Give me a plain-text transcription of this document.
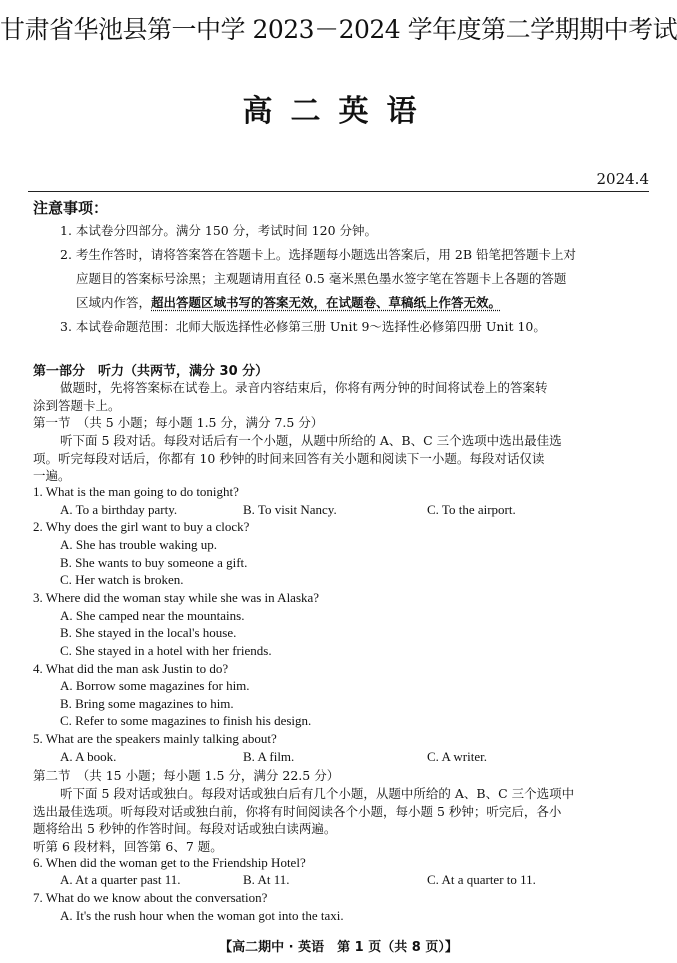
甘肃省华池县第一中学 2023－2024 学年度第二学期期中考试
高二英语
2024.4
注意事项：
1. 本试卷分四部分。满分 150 分，考试时间 120 分钟。
2. 考生作答时，请将答案答在答题卡上。选择题每小题选出答案后，用 2B 铅笔把答题卡上对
应题目的答案标号涂黑；主观题请用直径 0.5 毫米黑色墨水签字笔在答题卡上各题的答题
区域内作答，超出答题区域书写的答案无效，在试题卷、草稿纸上作答无效。
3. 本试卷命题范围：北师大版选择性必修第三册 Unit 9～选择性必修第四册 Unit 10。
第一部分　听力（共两节，满分 30 分）
做题时，先将答案标在试卷上。录音内容结束后，你将有两分钟的时间将试卷上的答案转
涂到答题卡上。
第一节　（共 5 小题；每小题 1.5 分，满分 7.5 分）
听下面 5 段对话。每段对话后有一个小题，从题中所给的 A、B、C 三个选项中选出最佳选
项。听完每段对话后，你都有 10 秒钟的时间来回答有关小题和阅读下一小题。每段对话仅读
一遍。
1. What is the man going to do tonight?
A. To a birthday party.	B. To visit Nancy.	C. To the airport.
2. Why does the girl want to buy a clock?
A. She has trouble waking up.
B. She wants to buy someone a gift.
C. Her watch is broken.
3. Where did the woman stay while she was in Alaska?
A. She camped near the mountains.
B. She stayed in the local's house.
C. She stayed in a hotel with her friends.
4. What did the man ask Justin to do?
A. Borrow some magazines for him.
B. Bring some magazines to him.
C. Refer to some magazines to finish his design.
5. What are the speakers mainly talking about?
A. A book.	B. A film.	C. A writer.
第二节　（共 15 小题；每小题 1.5 分，满分 22.5 分）
听下面 5 段对话或独白。每段对话或独白后有几个小题，从题中所给的 A、B、C 三个选项中
选出最佳选项。听每段对话或独白前，你将有时间阅读各个小题，每小题 5 秒钟；听完后，各小
题将给出 5 秒钟的作答时间。每段对话或独白读两遍。
听第 6 段材料，回答第 6、7 题。
6. When did the woman get to the Friendship Hotel?
A. At a quarter past 11.	B. At 11.	C. At a quarter to 11.
7. What do we know about the conversation?
A. It's the rush hour when the woman got into the taxi.
【高二期中 · 英语　第 1 页（共 8 页）】
